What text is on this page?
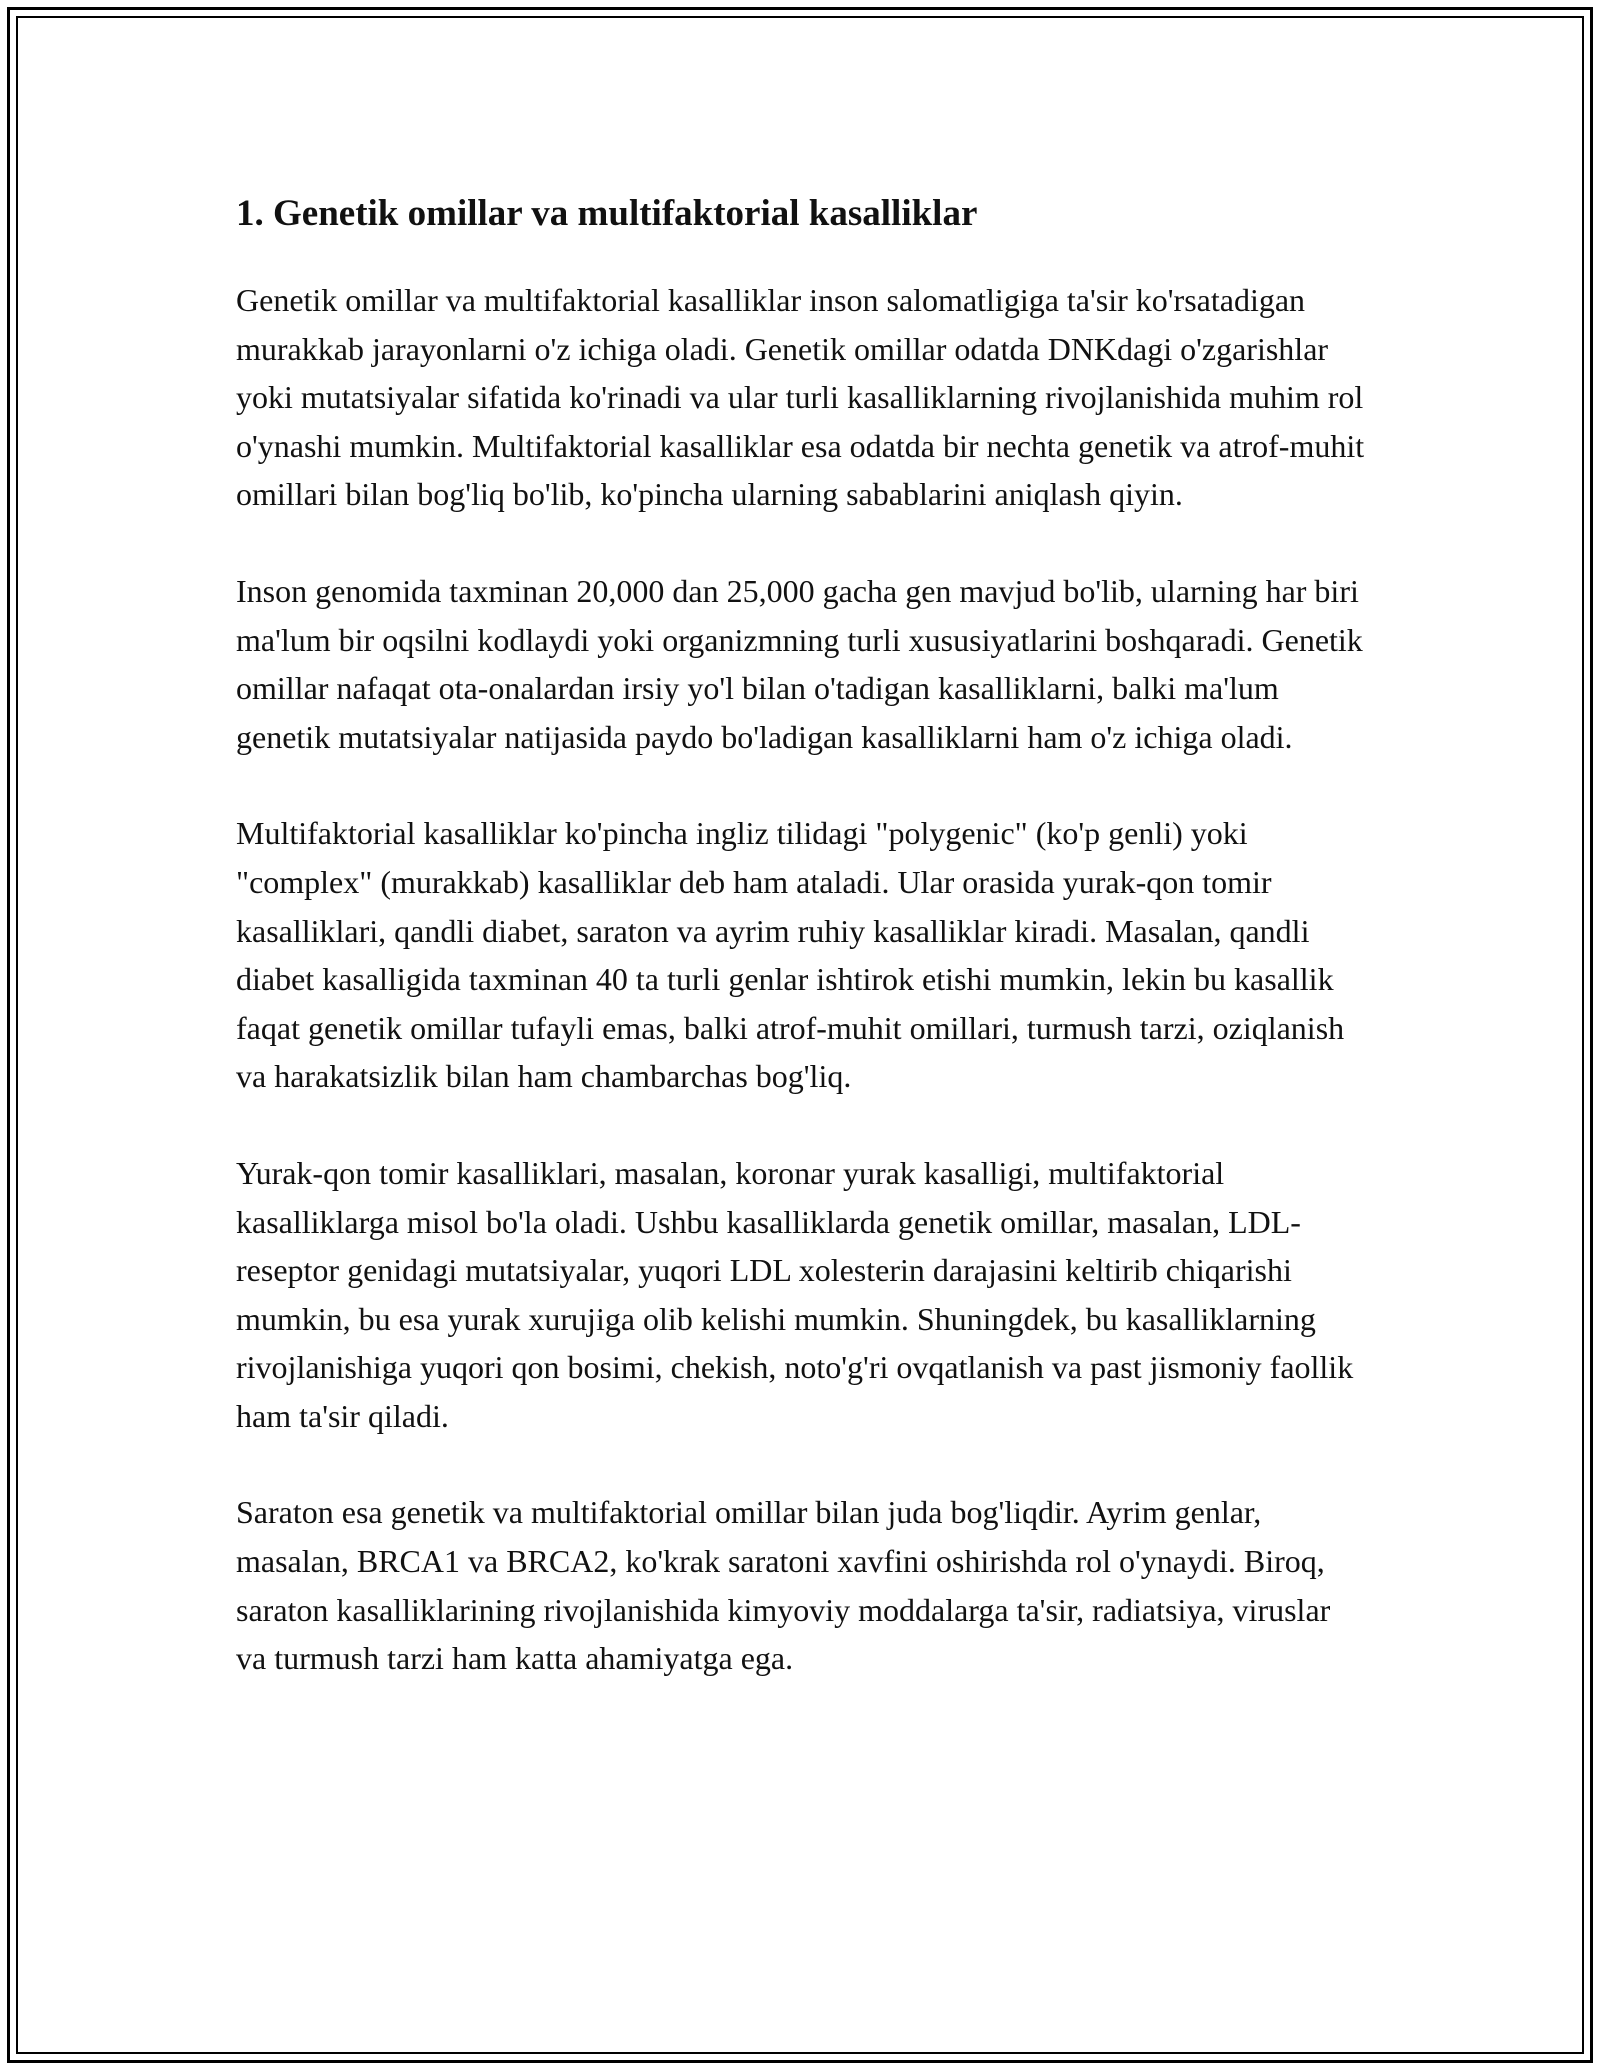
1. Genetik omillar va multifaktorial kasalliklar

Genetik omillar va multifaktorial kasalliklar inson salomatligiga ta'sir ko'rsatadigan murakkab jarayonlarni o'z ichiga oladi. Genetik omillar odatda DNKdagi o'zgarishlar yoki mutatsiyalar sifatida ko'rinadi va ular turli kasalliklarning rivojlanishida muhim rol o'ynashi mumkin. Multifaktorial kasalliklar esa odatda bir nechta genetik va atrof-muhit omillari bilan bog'liq bo'lib, ko'pincha ularning sabablarini aniqlash qiyin.

Inson genomida taxminan 20,000 dan 25,000 gacha gen mavjud bo'lib, ularning har biri ma'lum bir oqsilni kodlaydi yoki organizmning turli xususiyatlarini boshqaradi. Genetik omillar nafaqat ota-onalardan irsiy yo'l bilan o'tadigan kasalliklarni, balki ma'lum genetik mutatsiyalar natijasida paydo bo'ladigan kasalliklarni ham o'z ichiga oladi.

Multifaktorial kasalliklar ko'pincha ingliz tilidagi "polygenic" (ko'p genli) yoki "complex" (murakkab) kasalliklar deb ham ataladi. Ular orasida yurak-qon tomir kasalliklari, qandli diabet, saraton va ayrim ruhiy kasalliklar kiradi. Masalan, qandli diabet kasalligida taxminan 40 ta turli genlar ishtirok etishi mumkin, lekin bu kasallik faqat genetik omillar tufayli emas, balki atrof-muhit omillari, turmush tarzi, oziqlanish va harakatsizlik bilan ham chambarchas bog'liq.

Yurak-qon tomir kasalliklari, masalan, koronar yurak kasalligi, multifaktorial kasalliklarga misol bo'la oladi. Ushbu kasalliklarda genetik omillar, masalan, LDL-reseptor genidagi mutatsiyalar, yuqori LDL xolesterin darajasini keltirib chiqarishi mumkin, bu esa yurak xurujiga olib kelishi mumkin. Shuningdek, bu kasalliklarning rivojlanishiga yuqori qon bosimi, chekish, noto'g'ri ovqatlanish va past jismoniy faollik ham ta'sir qiladi.

Saraton esa genetik va multifaktorial omillar bilan juda bog'liqdir. Ayrim genlar, masalan, BRCA1 va BRCA2, ko'krak saratoni xavfini oshirishda rol o'ynaydi. Biroq, saraton kasalliklarining rivojlanishida kimyoviy moddalarga ta'sir, radiatsiya, viruslar va turmush tarzi ham katta ahamiyatga ega.
